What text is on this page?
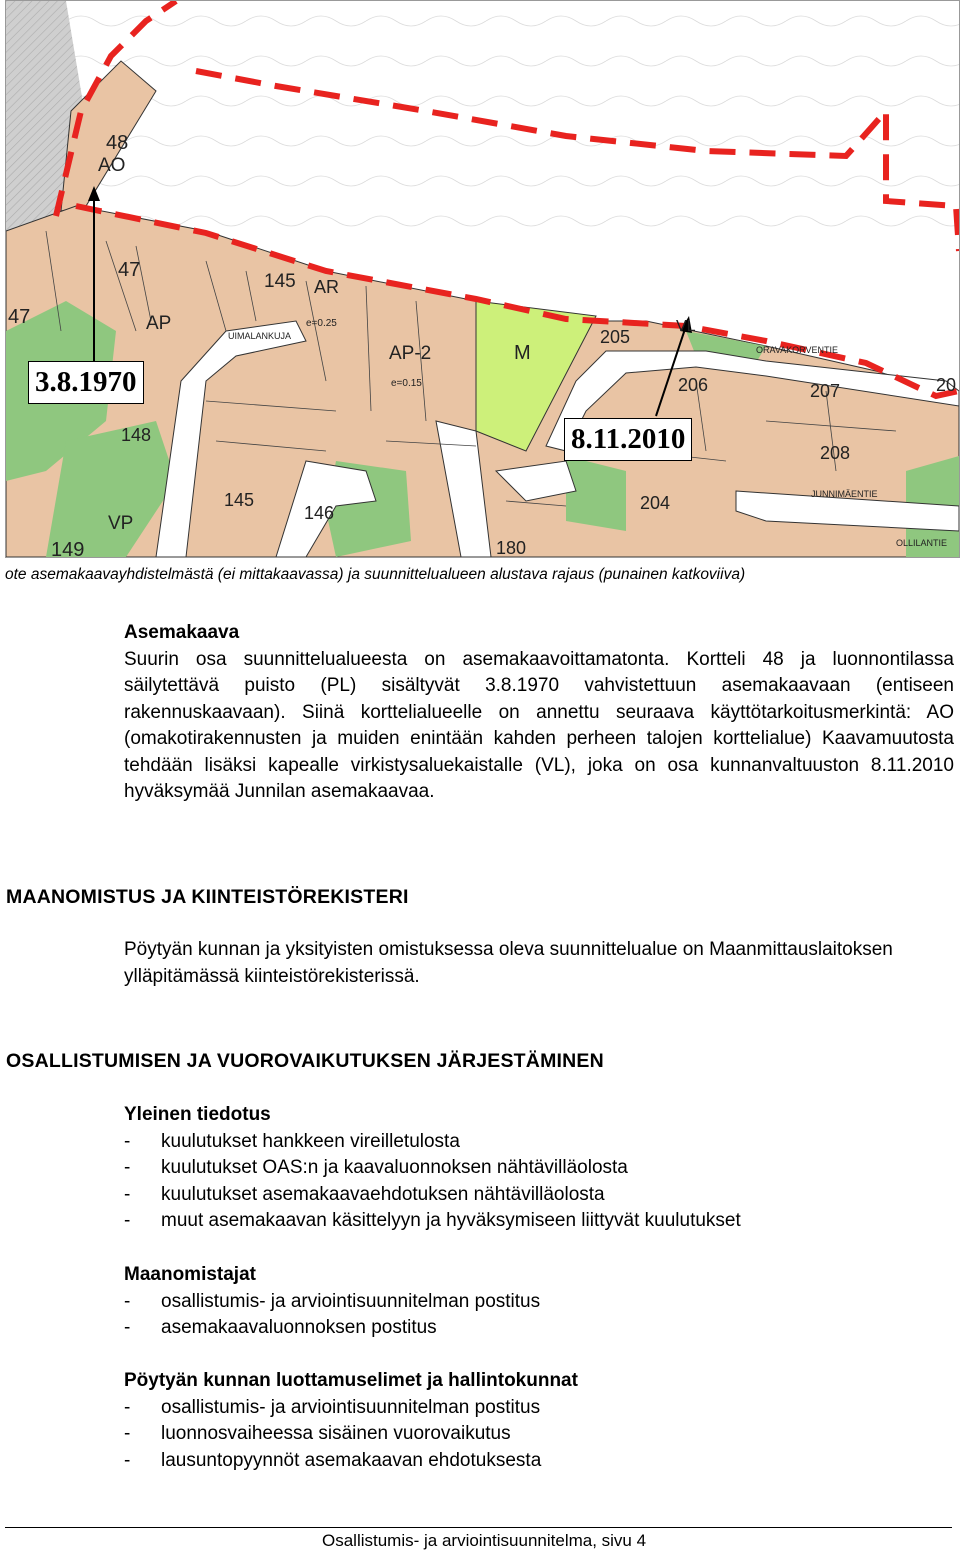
48
AO
47
47	AP
148
149
145 AR
145
146
AP-2	M
VP
VL
205
206	207
208
204
180
20
UIMALANKUJA
ORAVAKORVENTIE
JUNNIMÄENTIE
OLLILANTIE
e=0.25
e=0.15
3.8.1970
8.11.2010
ote asemakaavayhdistelmästä (ei mittakaavassa) ja suunnittelualueen alustava rajaus (punainen katkoviiva)
Asemakaava
Suurin osa suunnittelualueesta on asemakaavoittamatonta. Kortteli 48 ja luonnontilassa säilytettävä puisto (PL) sisältyvät 3.8.1970 vahvistettuun asemakaavaan (entiseen rakennuskaavaan). Siinä korttelialueelle on annettu seuraava käyttötarkoitusmerkintä: AO (omakotirakennusten ja muiden enintään kahden perheen talojen korttelialue) Kaavamuutosta tehdään lisäksi kapealle virkistysaluekaistalle (VL), joka on osa kunnanvaltuuston 8.11.2010 hyväksymää Junnilan asemakaavaa.
MAANOMISTUS JA KIINTEISTÖREKISTERI
Pöytyän kunnan ja yksityisten omistuksessa oleva suunnittelualue on Maanmittauslaitoksen ylläpitämässä kiinteistörekisterissä.
OSALLISTUMISEN JA VUOROVAIKUTUKSEN JÄRJESTÄMINEN
Yleinen tiedotus
- kuulutukset hankkeen vireilletulosta
- kuulutukset OAS:n ja kaavaluonnoksen nähtävilläolosta
- kuulutukset asemakaavaehdotuksen nähtävilläolosta
- muut asemakaavan käsittelyyn ja hyväksymiseen liittyvät kuulutukset
Maanomistajat
- osallistumis- ja arviointisuunnitelman postitus
- asemakaavaluonnoksen postitus
Pöytyän kunnan luottamuselimet ja hallintokunnat
- osallistumis- ja arviointisuunnitelman postitus
- luonnosvaiheessa sisäinen vuorovaikutus
- lausuntopyynnöt asemakaavan ehdotuksesta
Osallistumis- ja arviointisuunnitelma, sivu 4
